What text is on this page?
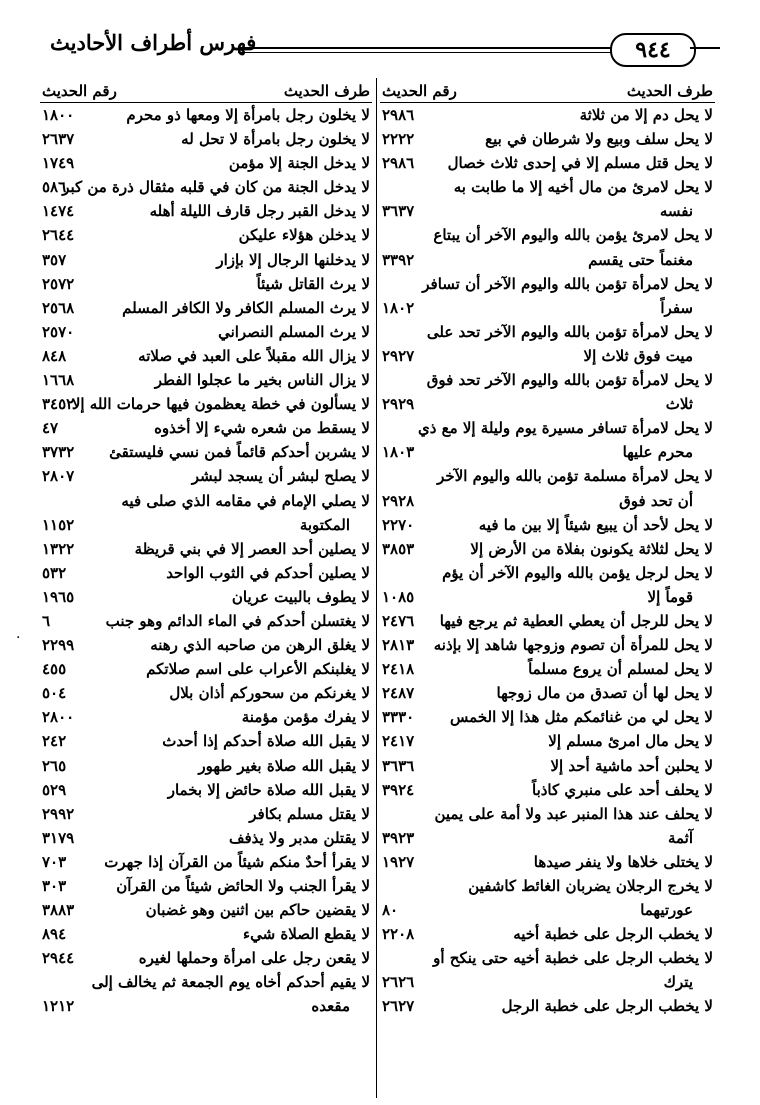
فهرس أطراف الأحاديث	٩٤٤
طرف الحديث
رقم الحديث
لا يحل دم إلا من ثلاثة
٢٩٨٦
لا يحل سلف وبيع ولا شرطان في بيع
٢٢٢٢
لا يحل قتل مسلم إلا في إحدى ثلاث خصال
٢٩٨٦
لا يحل لامرئ من مال أخيه إلا ما طابت به
نفسه
٣٦٣٧
لا يحل لامرئ يؤمن بالله واليوم الآخر أن يبتاع
مغنماً حتى يقسم
٣٣٩٢
لا يحل لامرأة تؤمن بالله واليوم الآخر أن تسافر
سفراً
١٨٠٢
لا يحل لامرأة تؤمن بالله واليوم الآخر تحد على
ميت فوق ثلاث إلا
٢٩٢٧
لا يحل لامرأة تؤمن بالله واليوم الآخر تحد فوق
ثلاث
٢٩٢٩
لا يحل لامرأة تسافر مسيرة يوم وليلة إلا مع ذي
محرم عليها
١٨٠٣
لا يحل لامرأة مسلمة تؤمن بالله واليوم الآخر
أن تحد فوق
٢٩٢٨
لا يحل لأحد أن يبيع شيئاً إلا بين ما فيه
٢٢٧٠
لا يحل لثلاثة يكونون بفلاة من الأرض إلا
٣٨٥٣
لا يحل لرجل يؤمن بالله واليوم الآخر أن يؤم
قوماً إلا
١٠٨٥
لا يحل للرجل أن يعطي العطية ثم يرجع فيها
٢٤٧٦
لا يحل للمرأة أن تصوم وزوجها شاهد إلا بإذنه
٢٨١٣
لا يحل لمسلم أن يروع مسلماً
٢٤١٨
لا يحل لها أن تصدق من مال زوجها
٢٤٨٧
لا يحل لي من غنائمكم مثل هذا إلا الخمس
٣٣٣٠
لا يحل مال امرئ مسلم إلا
٢٤١٧
لا يحلبن أحد ماشية أحد إلا
٣٦٣٦
لا يحلف أحد على منبري كاذباً
٣٩٢٤
لا يحلف عند هذا المنبر عبد ولا أمة على يمين
آثمة
٣٩٢٣
لا يختلى خلاها ولا ينفر صيدها
١٩٢٧
لا يخرج الرجلان يضربان الغائط كاشفين
عورتيهما
٨٠
لا يخطب الرجل على خطبة أخيه
٢٢٠٨
لا يخطب الرجل على خطبة أخيه حتى ينكح أو
يترك
٢٦٢٦
لا يخطب الرجل على خطبة الرجل
٢٦٢٧
طرف الحديث
رقم الحديث
لا يخلون رجل بامرأة إلا ومعها ذو محرم
١٨٠٠
لا يخلون رجل بامرأة لا تحل له
٢٦٣٧
لا يدخل الجنة إلا مؤمن
١٧٤٩
لا يدخل الجنة من كان في قلبه مثقال ذرة من كبر
٥٨٦
لا يدخل القبر رجل قارف الليلة أهله
١٤٧٤
لا يدخلن هؤلاء عليكن
٢٦٤٤
لا يدخلنها الرجال إلا بإزار
٣٥٧
لا يرث القاتل شيئاً
٢٥٧٢
لا يرث المسلم الكافر ولا الكافر المسلم
٢٥٦٨
لا يرث المسلم النصراني
٢٥٧٠
لا يزال الله مقبلاً على العبد في صلاته
٨٤٨
لا يزال الناس بخير ما عجلوا الفطر
١٦٦٨
لا يسألون في خطة يعظمون فيها حرمات الله إلا
٣٤٥٢
لا يسقط من شعره شيء إلا أخذوه
٤٧
لا يشربن أحدكم قائماً فمن نسي فليستقئ
٣٧٣٢
لا يصلح لبشر أن يسجد لبشر
٢٨٠٧
لا يصلي الإمام في مقامه الذي صلى فيه
المكتوبة
١١٥٢
لا يصلين أحد العصر إلا في بني قريظة
١٣٢٢
لا يصلين أحدكم في الثوب الواحد
٥٣٢
لا يطوف بالبيت عريان
١٩٦٥
لا يغتسلن أحدكم في الماء الدائم وهو جنب
٦
لا يغلق الرهن من صاحبه الذي رهنه
٢٢٩٩
لا يغلبنكم الأعراب على اسم صلاتكم
٤٥٥
لا يغرنكم من سحوركم أذان بلال
٥٠٤
لا يفرك مؤمن مؤمنة
٢٨٠٠
لا يقبل الله صلاة أحدكم إذا أحدث
٢٤٢
لا يقبل الله صلاة بغير طهور
٢٦٥
لا يقبل الله صلاة حائض إلا بخمار
٥٢٩
لا يقتل مسلم بكافر
٢٩٩٢
لا يقتلن مدبر ولا يذفف
٣١٧٩
لا يقرأ أحدٌ منكم شيئاً من القرآن إذا جهرت
٧٠٣
لا يقرأ الجنب ولا الحائض شيئاً من القرآن
٣٠٣
لا يقضين حاكم بين اثنين وهو غضبان
٣٨٨٣
لا يقطع الصلاة شيء
٨٩٤
لا يقعن رجل على امرأة وحملها لغيره
٢٩٤٤
لا يقيم أحدكم أخاه يوم الجمعة ثم يخالف إلى
مقعده
١٢١٢
·
